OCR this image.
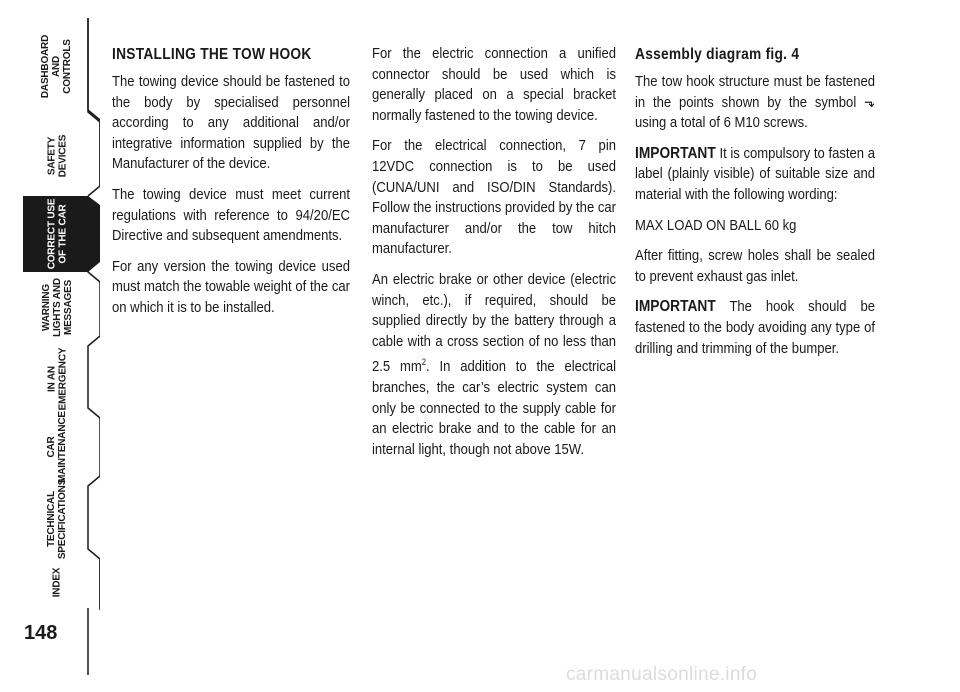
DASHBOARD
AND
CONTROLS
SAFETY
DEVICES
CORRECT USE
OF THE CAR
WARNING
LIGHTS AND
MESSAGES
IN AN
EMERGENCY
CAR
MAINTENANCE
TECHNICAL
SPECIFICATIONS
INDEX
148

INSTALLING THE TOW HOOK

The towing device should be fastened to the body by specialised personnel according to any additional and/or integrative information supplied by the Manufacturer of the device.

The towing device must meet current regulations with reference to 94/20/EC Directive and subsequent amendments.

For any version the towing device used must match the towable weight of the car on which it is to be installed.

For the electric connection a unified connector should be used which is generally placed on a special bracket normally fastened to the towing device.

For the electrical connection, 7 pin 12VDC connection is to be used (CUNA/UNI and ISO/DIN Standards). Follow the instructions provided by the car manufacturer and/or the tow hitch manufacturer.

An electric brake or other device (electric winch, etc.), if required, should be supplied directly by the battery through a cable with a cross section of no less than 2.5 $mm^2$. In addition to the electrical branches, the car’s electric system can only be connected to the supply cable for an electric brake and to the cable for an internal light, though not above 15W.

Assembly diagram fig. 4

The tow hook structure must be fastened in the points shown by the symbol ⬎ using a total of 6 M10 screws.

IMPORTANT It is compulsory to fasten a label (plainly visible) of suitable size and material with the following wording:

MAX LOAD ON BALL 60 kg

After fitting, screw holes shall be sealed to prevent exhaust gas inlet.

IMPORTANT The hook should be fastened to the body avoiding any type of drilling and trimming of the bumper.

carmanualsonline.info
